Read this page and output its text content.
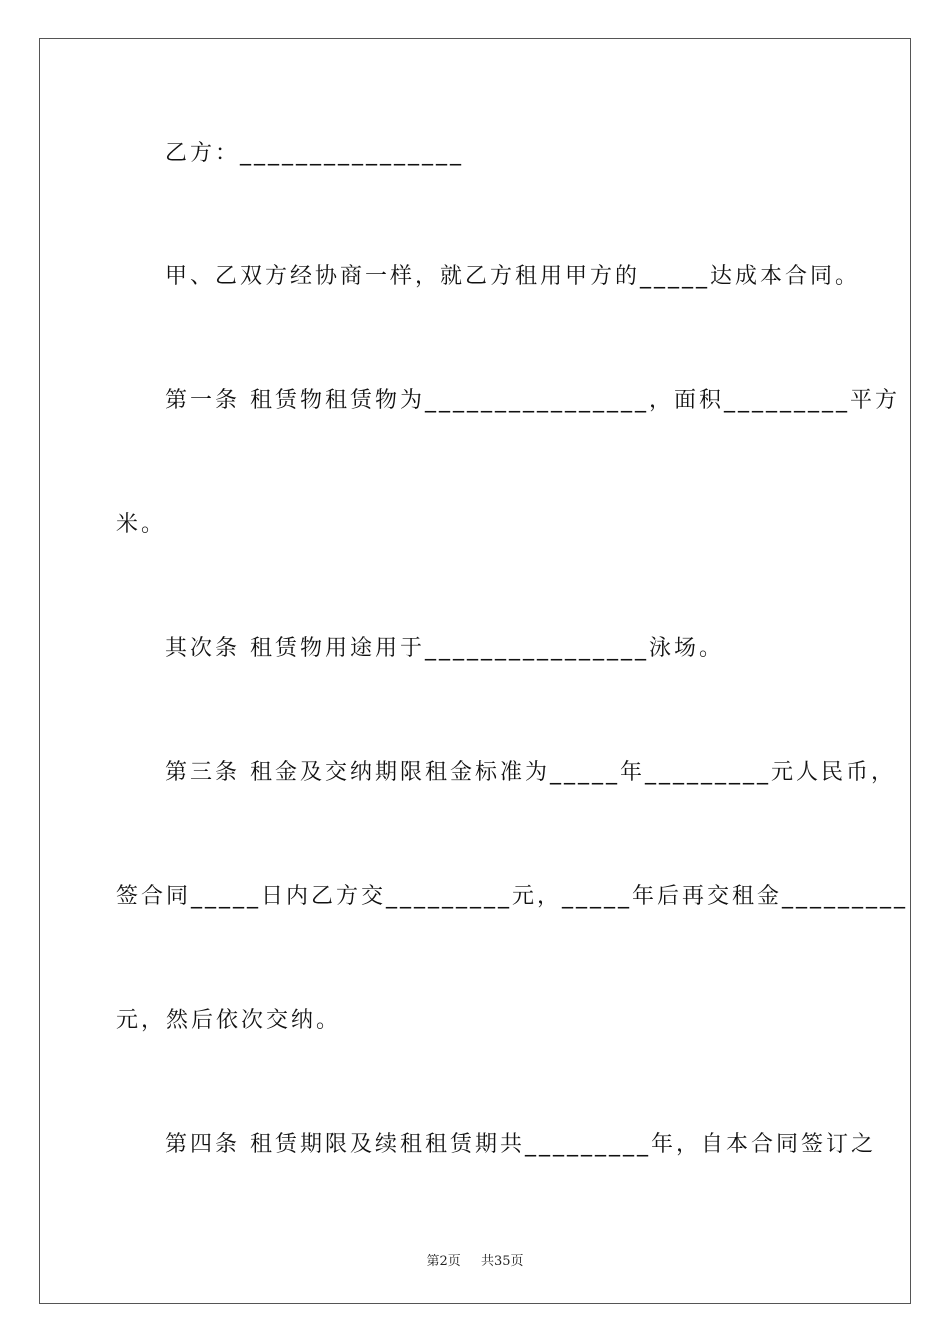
乙方：________________
甲、乙双方经协商一样，就乙方租用甲方的_____达成本合同。
第一条 租赁物租赁物为________________，面积_________平方
米。
其次条 租赁物用途用于________________泳场。
第三条 租金及交纳期限租金标准为_____年_________元人民币，
签合同_____日内乙方交_________元，_____年后再交租金_________
元，然后依次交纳。
第四条 租赁期限及续租租赁期共_________年，自本合同签订之
第2页 共35页
